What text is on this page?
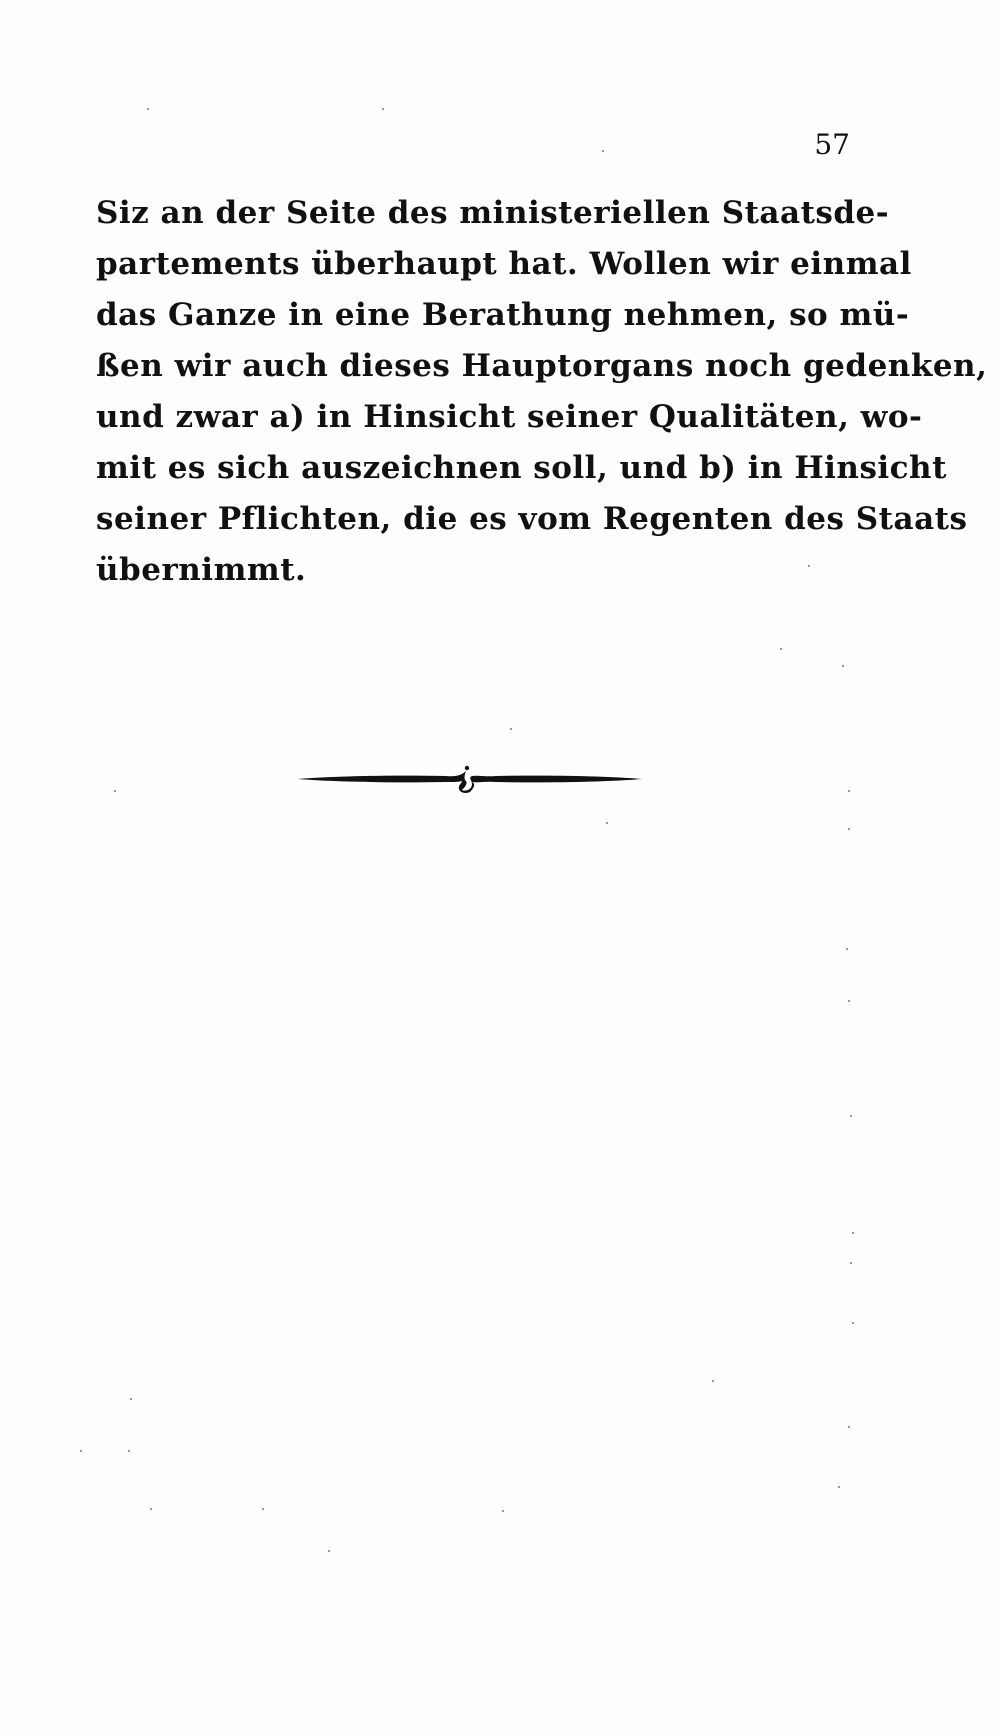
57
Siz an der Seite des ministeriellen Staatsde-
partements überhaupt hat. Wollen wir einmal
das Ganze in eine Berathung nehmen, so mü-
ßen wir auch dieses Hauptorgans noch gedenken,
und zwar a) in Hinsicht seiner Qualitäten, wo-
mit es sich auszeichnen soll, und b) in Hinsicht
seiner Pflichten, die es vom Regenten des Staats
übernimmt.
